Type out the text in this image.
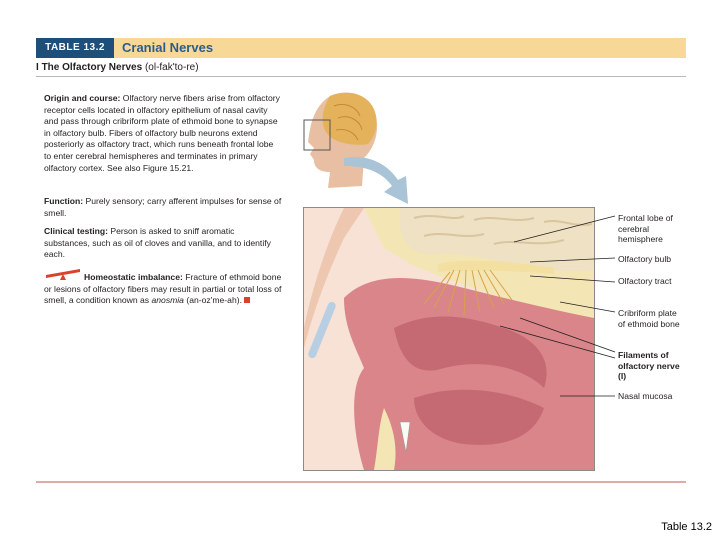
TABLE 13.2	Cranial Nerves
I The Olfactory Nerves (ol-fak'to-re)
Origin and course: Olfactory nerve fibers arise from olfactory receptor cells located in olfactory epithelium of nasal cavity and pass through cribriform plate of ethmoid bone to synapse in olfactory bulb. Fibers of olfactory bulb neurons extend posteriorly as olfactory tract, which runs beneath frontal lobe to enter cerebral hemispheres and terminates in primary olfactory cortex. See also Figure 15.21.
Function: Purely sensory; carry afferent impulses for sense of smell.
Clinical testing: Person is asked to sniff aromatic substances, such as oil of cloves and vanilla, and to identify each.
Homeostatic imbalance: Fracture of ethmoid bone or lesions of olfactory fibers may result in partial or total loss of smell, a condition known as anosmia (an-oz'me-ah).
Frontal lobe of cerebral hemisphere
Olfactory bulb
Olfactory tract
Cribriform plate of ethmoid bone
Filaments of olfactory nerve (I)
Nasal mucosa
Table 13.2
